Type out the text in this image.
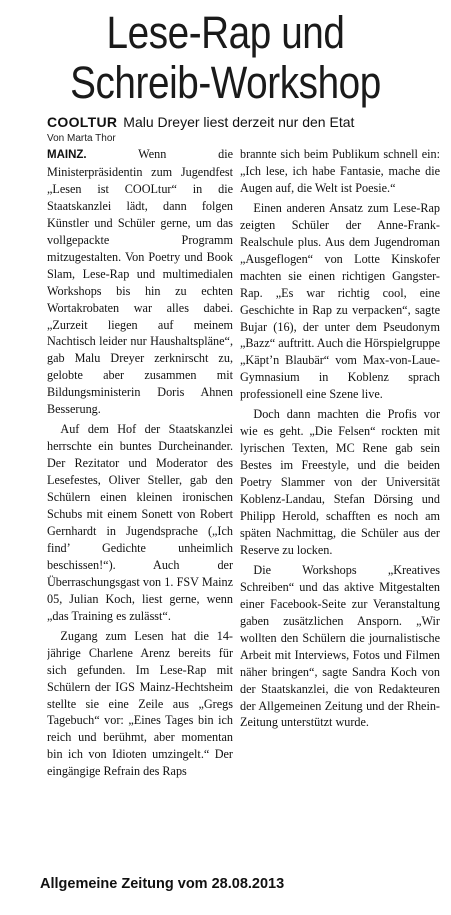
Lese-Rap und
Schreib-Workshop
COOLTUR Malu Dreyer liest derzeit nur den Etat
Von Marta Thor

MAINZ. Wenn die Ministerpräsidentin zum Jugendfest „Lesen ist COOLtur“ in die Staatskanzlei lädt, dann folgen Künstler und Schüler gerne, um das vollgepackte Programm mitzugestalten. Von Poetry und Book Slam, Lese-Rap und multimedialen Workshops bis hin zu echten Wortakrobaten war alles dabei. „Zurzeit liegen auf meinem Nachtisch leider nur Haushaltspläne“, gab Malu Dreyer zerknirscht zu, gelobte aber zusammen mit Bildungsministerin Doris Ahnen Besserung.

Auf dem Hof der Staatskanzlei herrschte ein buntes Durcheinander. Der Rezitator und Moderator des Lesefestes, Oliver Steller, gab den Schülern einen kleinen ironischen Schubs mit einem Sonett von Robert Gernhardt in Jugendsprache („Ich find’ Gedichte unheimlich beschissen!“). Auch der Überraschungsgast von 1. FSV Mainz 05, Julian Koch, liest gerne, wenn „das Training es zulässt“.

Zugang zum Lesen hat die 14-jährige Charlene Arenz bereits für sich gefunden. Im Lese-Rap mit Schülern der IGS Mainz-Hechtsheim stellte sie eine Zeile aus „Gregs Tagebuch“ vor: „Eines Tages bin ich reich und berühmt, aber momentan bin ich von Idioten umzingelt.“ Der eingängige Refrain des Raps

brannte sich beim Publikum schnell ein: „Ich lese, ich habe Fantasie, mache die Augen auf, die Welt ist Poesie.“

Einen anderen Ansatz zum Lese-Rap zeigten Schüler der Anne-Frank-Realschule plus. Aus dem Jugendroman „Ausgeflogen“ von Lotte Kinskofer machten sie einen richtigen Gangster-Rap. „Es war richtig cool, eine Geschichte in Rap zu verpacken“, sagte Bujar (16), der unter dem Pseudonym „Bazz“ auftritt. Auch die Hörspielgruppe „Käpt’n Blaubär“ vom Max-von-Laue-Gymnasium in Koblenz sprach professionell eine Szene live.

Doch dann machten die Profis vor wie es geht. „Die Felsen“ rockten mit lyrischen Texten, MC Rene gab sein Bestes im Freestyle, und die beiden Poetry Slammer von der Universität Koblenz-Landau, Stefan Dörsing und Philipp Herold, schafften es noch am späten Nachmittag, die Schüler aus der Reserve zu locken.

Die Workshops „Kreatives Schreiben“ und das aktive Mitgestalten einer Facebook-Seite zur Veranstaltung gaben zusätzlichen Ansporn. „Wir wollten den Schülern die journalistische Arbeit mit Interviews, Fotos und Filmen näher bringen“, sagte Sandra Koch von der Staatskanzlei, die von Redakteuren der Allgemeinen Zeitung und der Rhein-Zeitung unterstützt wurde.

Allgemeine Zeitung vom 28.08.2013
